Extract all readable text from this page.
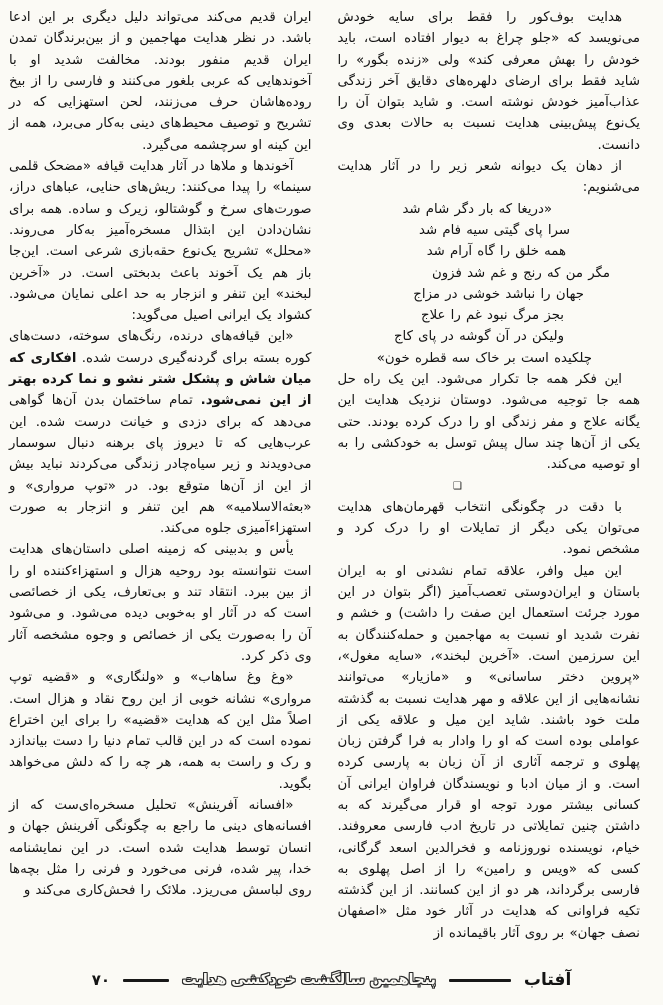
هدایت بوف‌کور را فقط برای سایه خودش می‌نویسد که «جلو چراغ به دیوار افتاده است، باید خودش را بهش معرفی کند» ولی «زنده بگور» را شاید فقط برای ارضای دلهره‌های دقایق آخر زندگی عذاب‌آمیز خودش نوشته است. و شاید بتوان آن را یک‌نوع پیش‌بینی هدایت نسبت به حالات بعدی وی دانست.

از دهان یک دیوانه شعر زیر را در آثار هدایت می‌شنویم:

«دریغا که بار دگر شام شد
سرا پای گیتی سیه فام شد
همه خلق را گاه آرام شد
مگر من که رنج و غم شد فزون
جهان را نباشد خوشی در مزاج
بجز مرگ نبود غم را علاج
ولیکن در آن گوشه در پای کاج
چلکیده است بر خاک سه قطره خون»

این فکر همه جا تکرار می‌شود. این یک راه حل همه جا توجیه می‌شود. دوستان نزدیک هدایت این یگانه علاج و مفر زندگی او را درک کرده بودند. حتی یکی از آن‌ها چند سال پیش توسل به خودکشی را به او توصیه می‌کند.

❑

با دقت در چگونگی انتخاب قهرمان‌های هدایت می‌توان یکی دیگر از تمایلات او را درک کرد و مشخص نمود.

این میل وافر، علاقه تمام نشدنی او به ایران باستان و ایران‌دوستی تعصب‌آمیز (اگر بتوان در این مورد جرئت استعمال این صفت را داشت) و خشم و نفرت شدید او نسبت به مهاجمین و حمله‌کنندگان به این سرزمین است. «آخرین لبخند»، «سایه مغول»، «پروین دختر ساسانی» و «مازیار» می‌توانند نشانه‌هایی از این علاقه و مهر هدایت نسبت به گذشته ملت خود باشند. شاید این میل و علاقه یکی از عواملی بوده است که او را وادار به فرا گرفتن زبان پهلوی و ترجمه آثاری از آن زبان به پارسی کرده است. و از میان ادبا و نویسندگان فراوان ایرانی آن کسانی بیشتر مورد توجه او قرار می‌گیرند که به داشتن چنین تمایلاتی در تاریخ ادب فارسی معروفند. خیام، نویسنده نوروزنامه و فخرالدین اسعد گرگانی، کسی که «ویس و رامین» را از اصل پهلوی به فارسی برگرداند، هر دو از این کسانند. از این گذشته تکیه فراوانی که هدایت در آثار خود مثل «اصفهان نصف جهان» بر روی آثار باقیمانده از

ایران قدیم می‌کند می‌تواند دلیل دیگری بر این ادعا باشد. در نظر هدایت مهاجمین و از بین‌برندگان تمدن ایران قدیم منفور بودند. مخالفت شدید او با آخوندهایی که عربی بلغور می‌کنند و فارسی را از بیخ روده‌هاشان حرف می‌زنند، لحن استهزایی که در تشریح و توصیف محیط‌های دینی به‌کار می‌برد، همه از این کینه او سرچشمه می‌گیرد.

آخوندها و ملاها در آثار هدایت قیافه «مضحک قلمی سینما» را پیدا می‌کنند: ریش‌های حنایی، عباهای دراز، صورت‌های سرخ و گوشتالو، زیرک و ساده. همه برای نشان‌دادن این ابتذال مسخره‌آمیز به‌کار می‌روند. «محلل» تشریح یک‌نوع حقه‌بازی شرعی است. این‌جا باز هم یک آخوند باعث بدبختی است. در «آخرین لبخند» این تنفر و انزجار به حد اعلی نمایان می‌شود. کشواد یک ایرانی اصیل می‌گوید:

«این قیافه‌های درنده، رنگ‌های سوخته، دست‌های کوره بسته برای گردنه‌گیری درست شده. افکاری که میان شاش و پشکل شتر نشو و نما کرده بهتر از این نمی‌شود. تمام ساختمان بدن آن‌ها گواهی می‌دهد که برای دزدی و خیانت درست شده. این عرب‌هایی که تا دیروز پای برهنه دنبال سوسمار می‌دویدند و زیر سیاه‌چادر زندگی می‌کردند نباید بیش از این از آن‌ها متوقع بود. در «توپ مرواری» و «بعثه‌الاسلامیه» هم این تنفر و انزجار به صورت استهزاءآمیزی جلوه می‌کند.

یأس و بدبینی که زمینه اصلی داستان‌های هدایت است نتوانسته بود روحیه هزال و استهزاءکننده او را از بین ببرد. انتقاد تند و بی‌تعارف، یکی از خصائصی است که در آثار او به‌خوبی دیده می‌شود. و می‌شود آن را به‌صورت یکی از خصائص و وجوه مشخصه آثار وی ذکر کرد.

«وغ وغ ساهاب» و «ولنگاری» و «قضیه توپ مرواری» نشانه خوبی از این روح نقاد و هزال است. اصلاً مثل این که هدایت «قضیه» را برای این اختراع نموده است که در این قالب تمام دنیا را دست بیاندازد و رک و راست به همه، هر چه را که دلش می‌خواهد بگوید.

«افسانه آفرینش» تحلیل مسخره‌ای‌ست که از افسانه‌های دینی ما راجع به چگونگی آفرینش جهان و انسان توسط هدایت شده است. در این نمایشنامه خدا، پیر شده، فرنی می‌خورد و فرنی را مثل بچه‌ها روی لباسش می‌ریزد. ملائک را فحش‌کاری می‌کند و

آفتاب
پنجاهمین سالگشت خودکشی هدایت
۷۰
